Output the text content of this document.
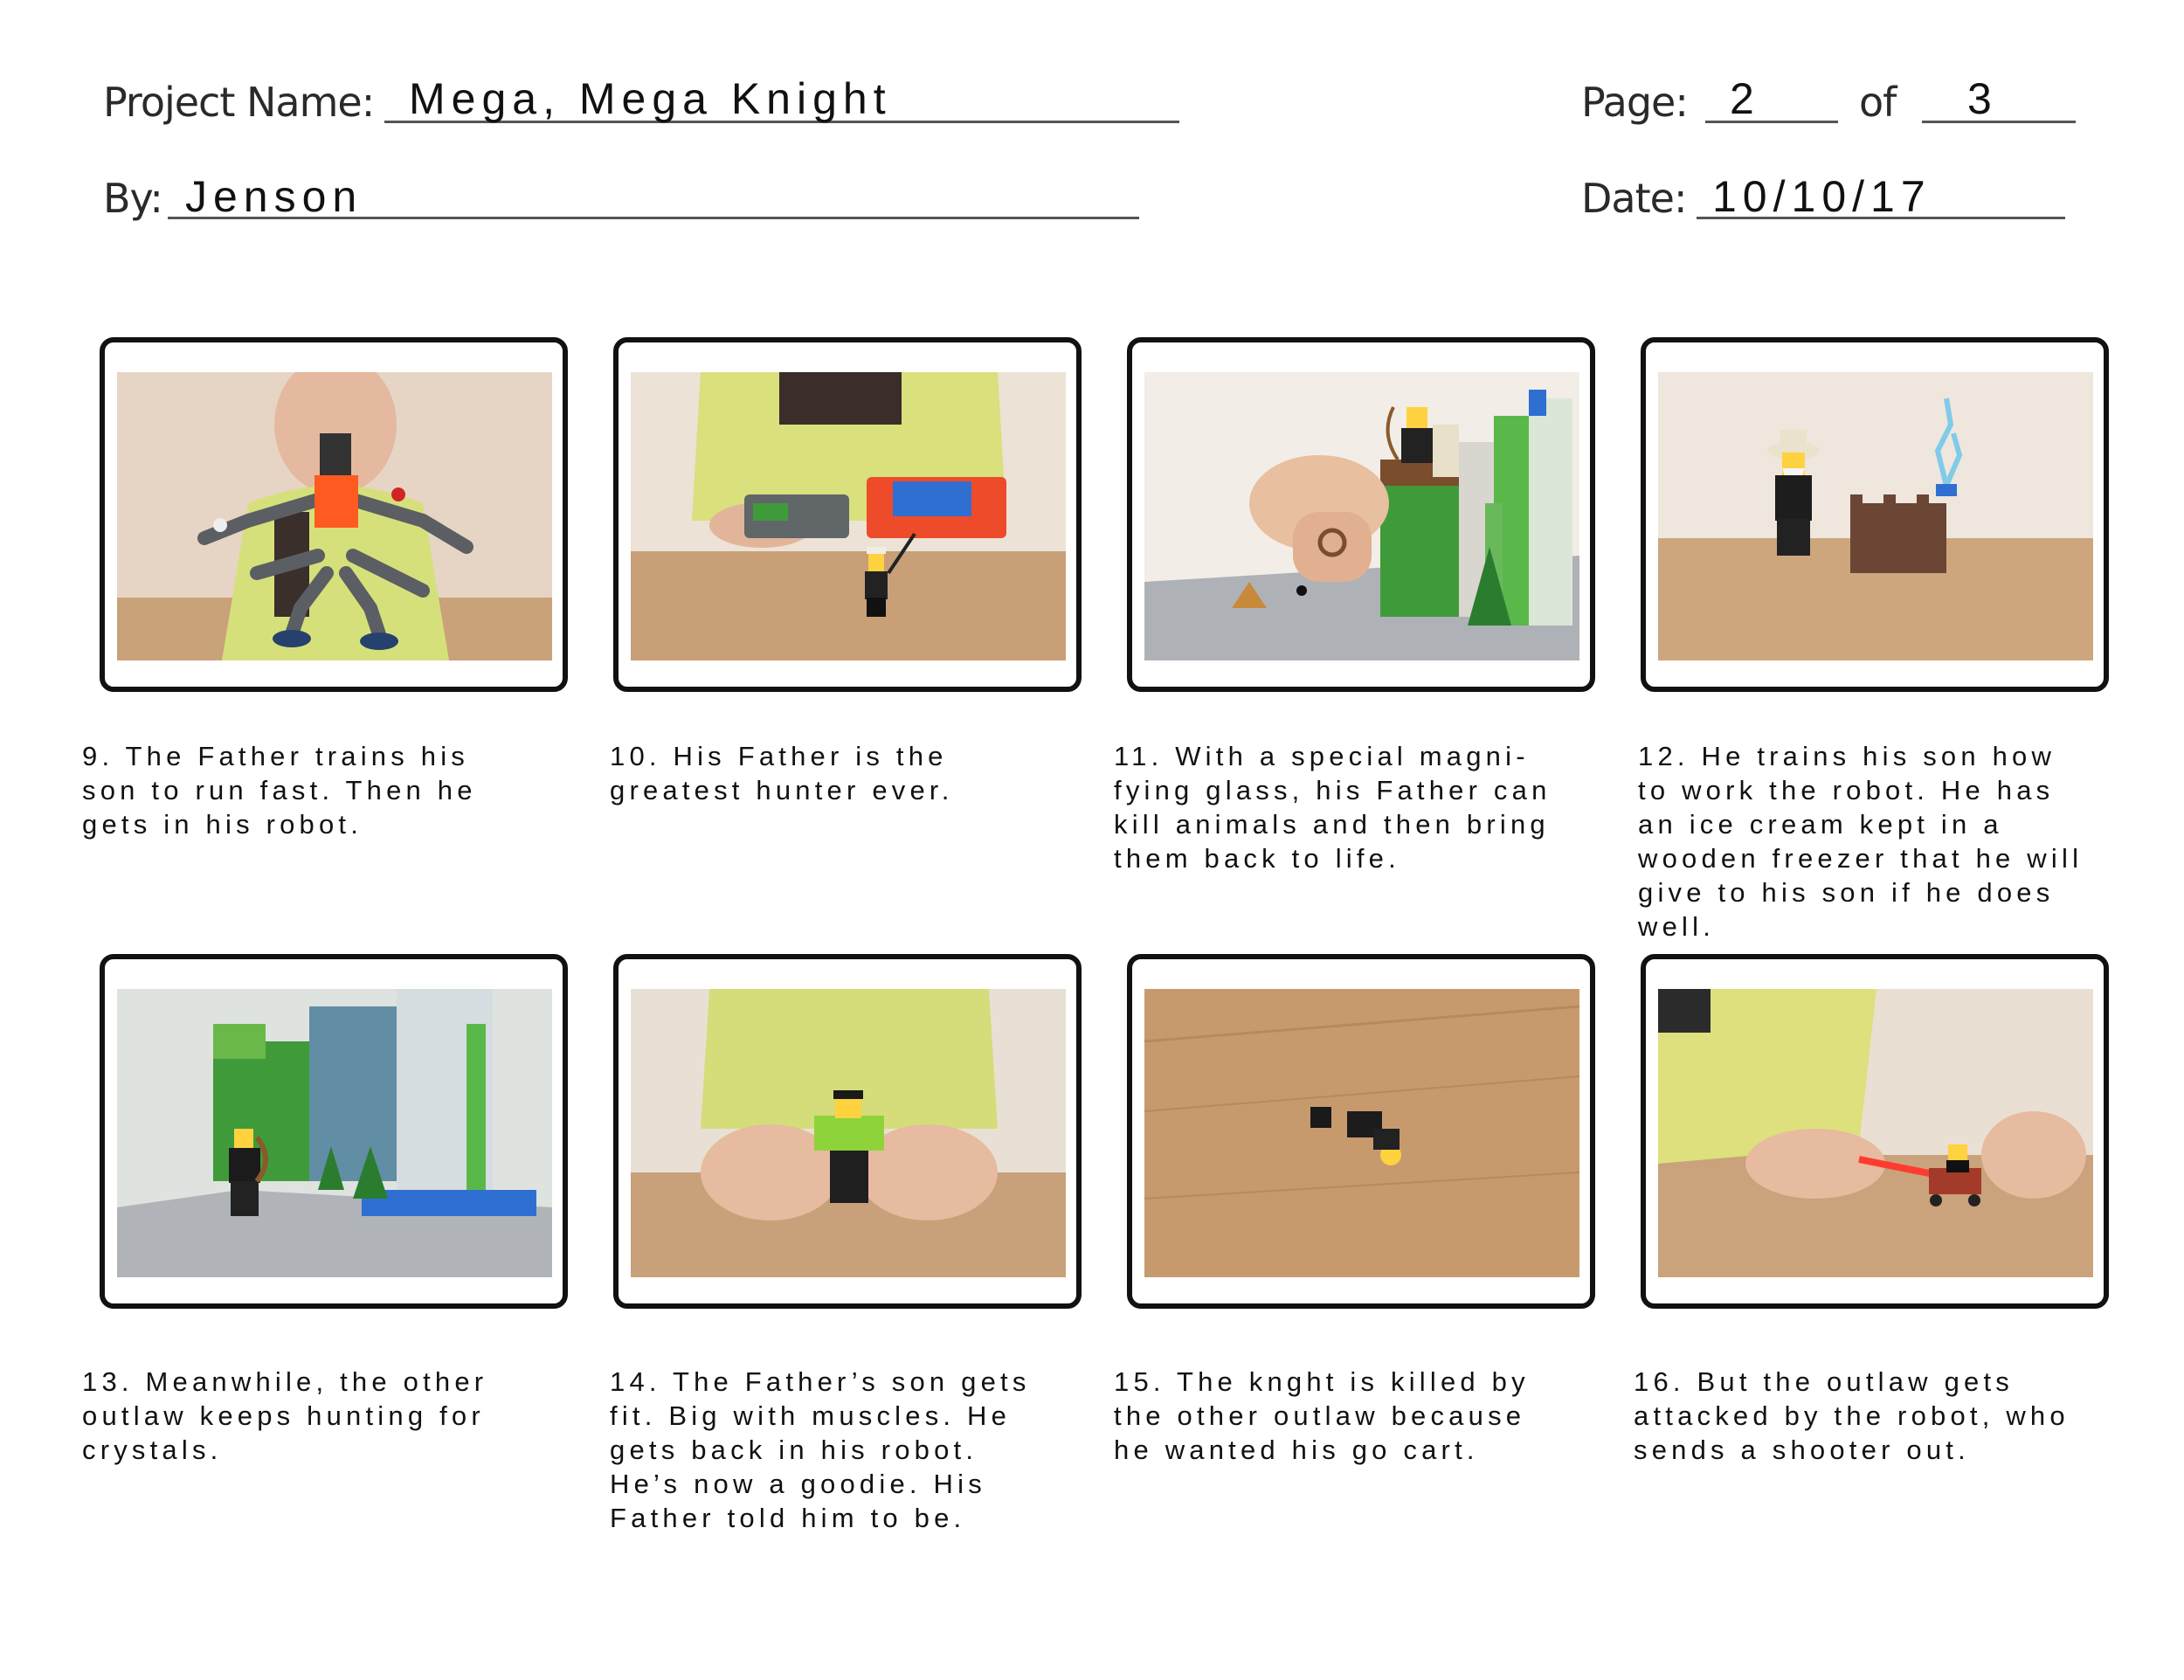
Project Name: Mega, Mega Knight
By: Jenson
Page: 2 of 3
Date: 10/10/17
9. The Father trains his
son to run fast. Then he
gets in his robot.
10. His Father is the
greatest hunter ever.
11. With a special magni-
fying glass, his Father can
kill animals and then bring
them back to life.
12. He trains his son how
to work the robot. He has
an ice cream kept in a
wooden freezer that he will
give to his son if he does
well.
13. Meanwhile, the other
outlaw keeps hunting for
crystals.
14. The Father’s son gets
fit. Big with muscles. He
gets back in his robot.
He’s now a goodie. His
Father told him to be.
15. The knght is killed by
the other outlaw because
he wanted his go cart.
16. But the outlaw gets
attacked by the robot, who
sends a shooter out.
